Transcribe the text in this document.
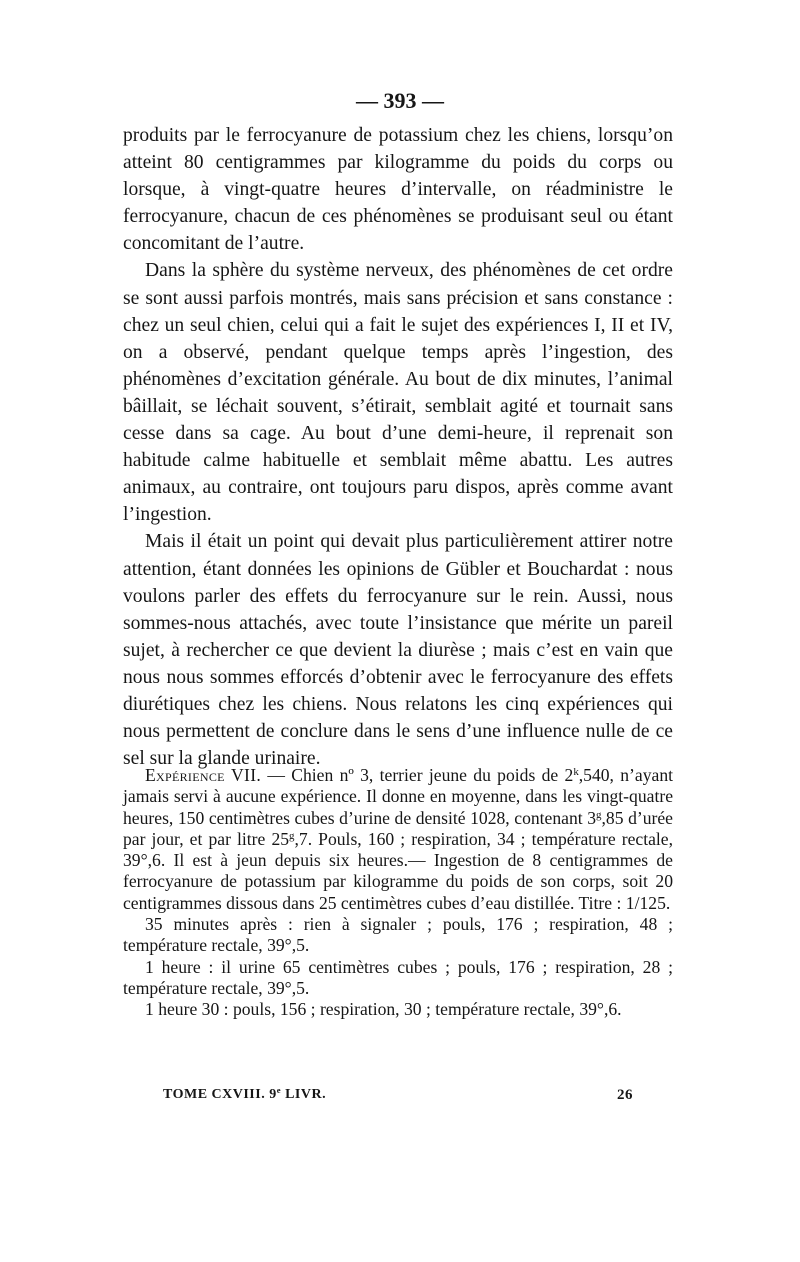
— 393 —

produits par le ferrocyanure de potassium chez les chiens, lorsqu’on atteint 80 centigrammes par kilogramme du poids du corps ou lorsque, à vingt-quatre heures d’intervalle, on réadministre le ferrocyanure, chacun de ces phénomènes se produisant seul ou étant concomitant de l’autre.

Dans la sphère du système nerveux, des phénomènes de cet ordre se sont aussi parfois montrés, mais sans précision et sans constance : chez un seul chien, celui qui a fait le sujet des expériences I, II et IV, on a observé, pendant quelque temps après l’ingestion, des phénomènes d’excitation générale. Au bout de dix minutes, l’animal bâillait, se léchait souvent, s’étirait, semblait agité et tournait sans cesse dans sa cage. Au bout d’une demi-heure, il reprenait son habitude calme habituelle et semblait même abattu. Les autres animaux, au contraire, ont toujours paru dispos, après comme avant l’ingestion.

Mais il était un point qui devait plus particulièrement attirer notre attention, étant données les opinions de Gübler et Bouchardat : nous voulons parler des effets du ferrocyanure sur le rein. Aussi, nous sommes-nous attachés, avec toute l’insistance que mérite un pareil sujet, à rechercher ce que devient la diurèse ; mais c’est en vain que nous nous sommes efforcés d’obtenir avec le ferrocyanure des effets diurétiques chez les chiens. Nous relatons les cinq expériences qui nous permettent de conclure dans le sens d’une influence nulle de ce sel sur la glande urinaire.

Expérience VII. — Chien nº 3, terrier jeune du poids de 2$^k$,540, n’ayant jamais servi à aucune expérience. Il donne en moyenne, dans les vingt-quatre heures, 150 centimètres cubes d’urine de densité 1028, contenant 3$^g$,85 d’urée par jour, et par litre 25$^g$,7. Pouls, 160 ; respiration, 34 ; température rectale, 39°,6. Il est à jeun depuis six heures.— Ingestion de 8 centigrammes de ferrocyanure de potassium par kilogramme du poids de son corps, soit 20 centigrammes dissous dans 25 centimètres cubes d’eau distillée. Titre : 1/125.

35 minutes après : rien à signaler ; pouls, 176 ; respiration, 48 ; température rectale, 39°,5.

1 heure : il urine 65 centimètres cubes ; pouls, 176 ; respiration, 28 ; température rectale, 39°,5.

1 heure 30 : pouls, 156 ; respiration, 30 ; température rectale, 39°,6.

TOME CXVIII. 9e LIVR.	26
